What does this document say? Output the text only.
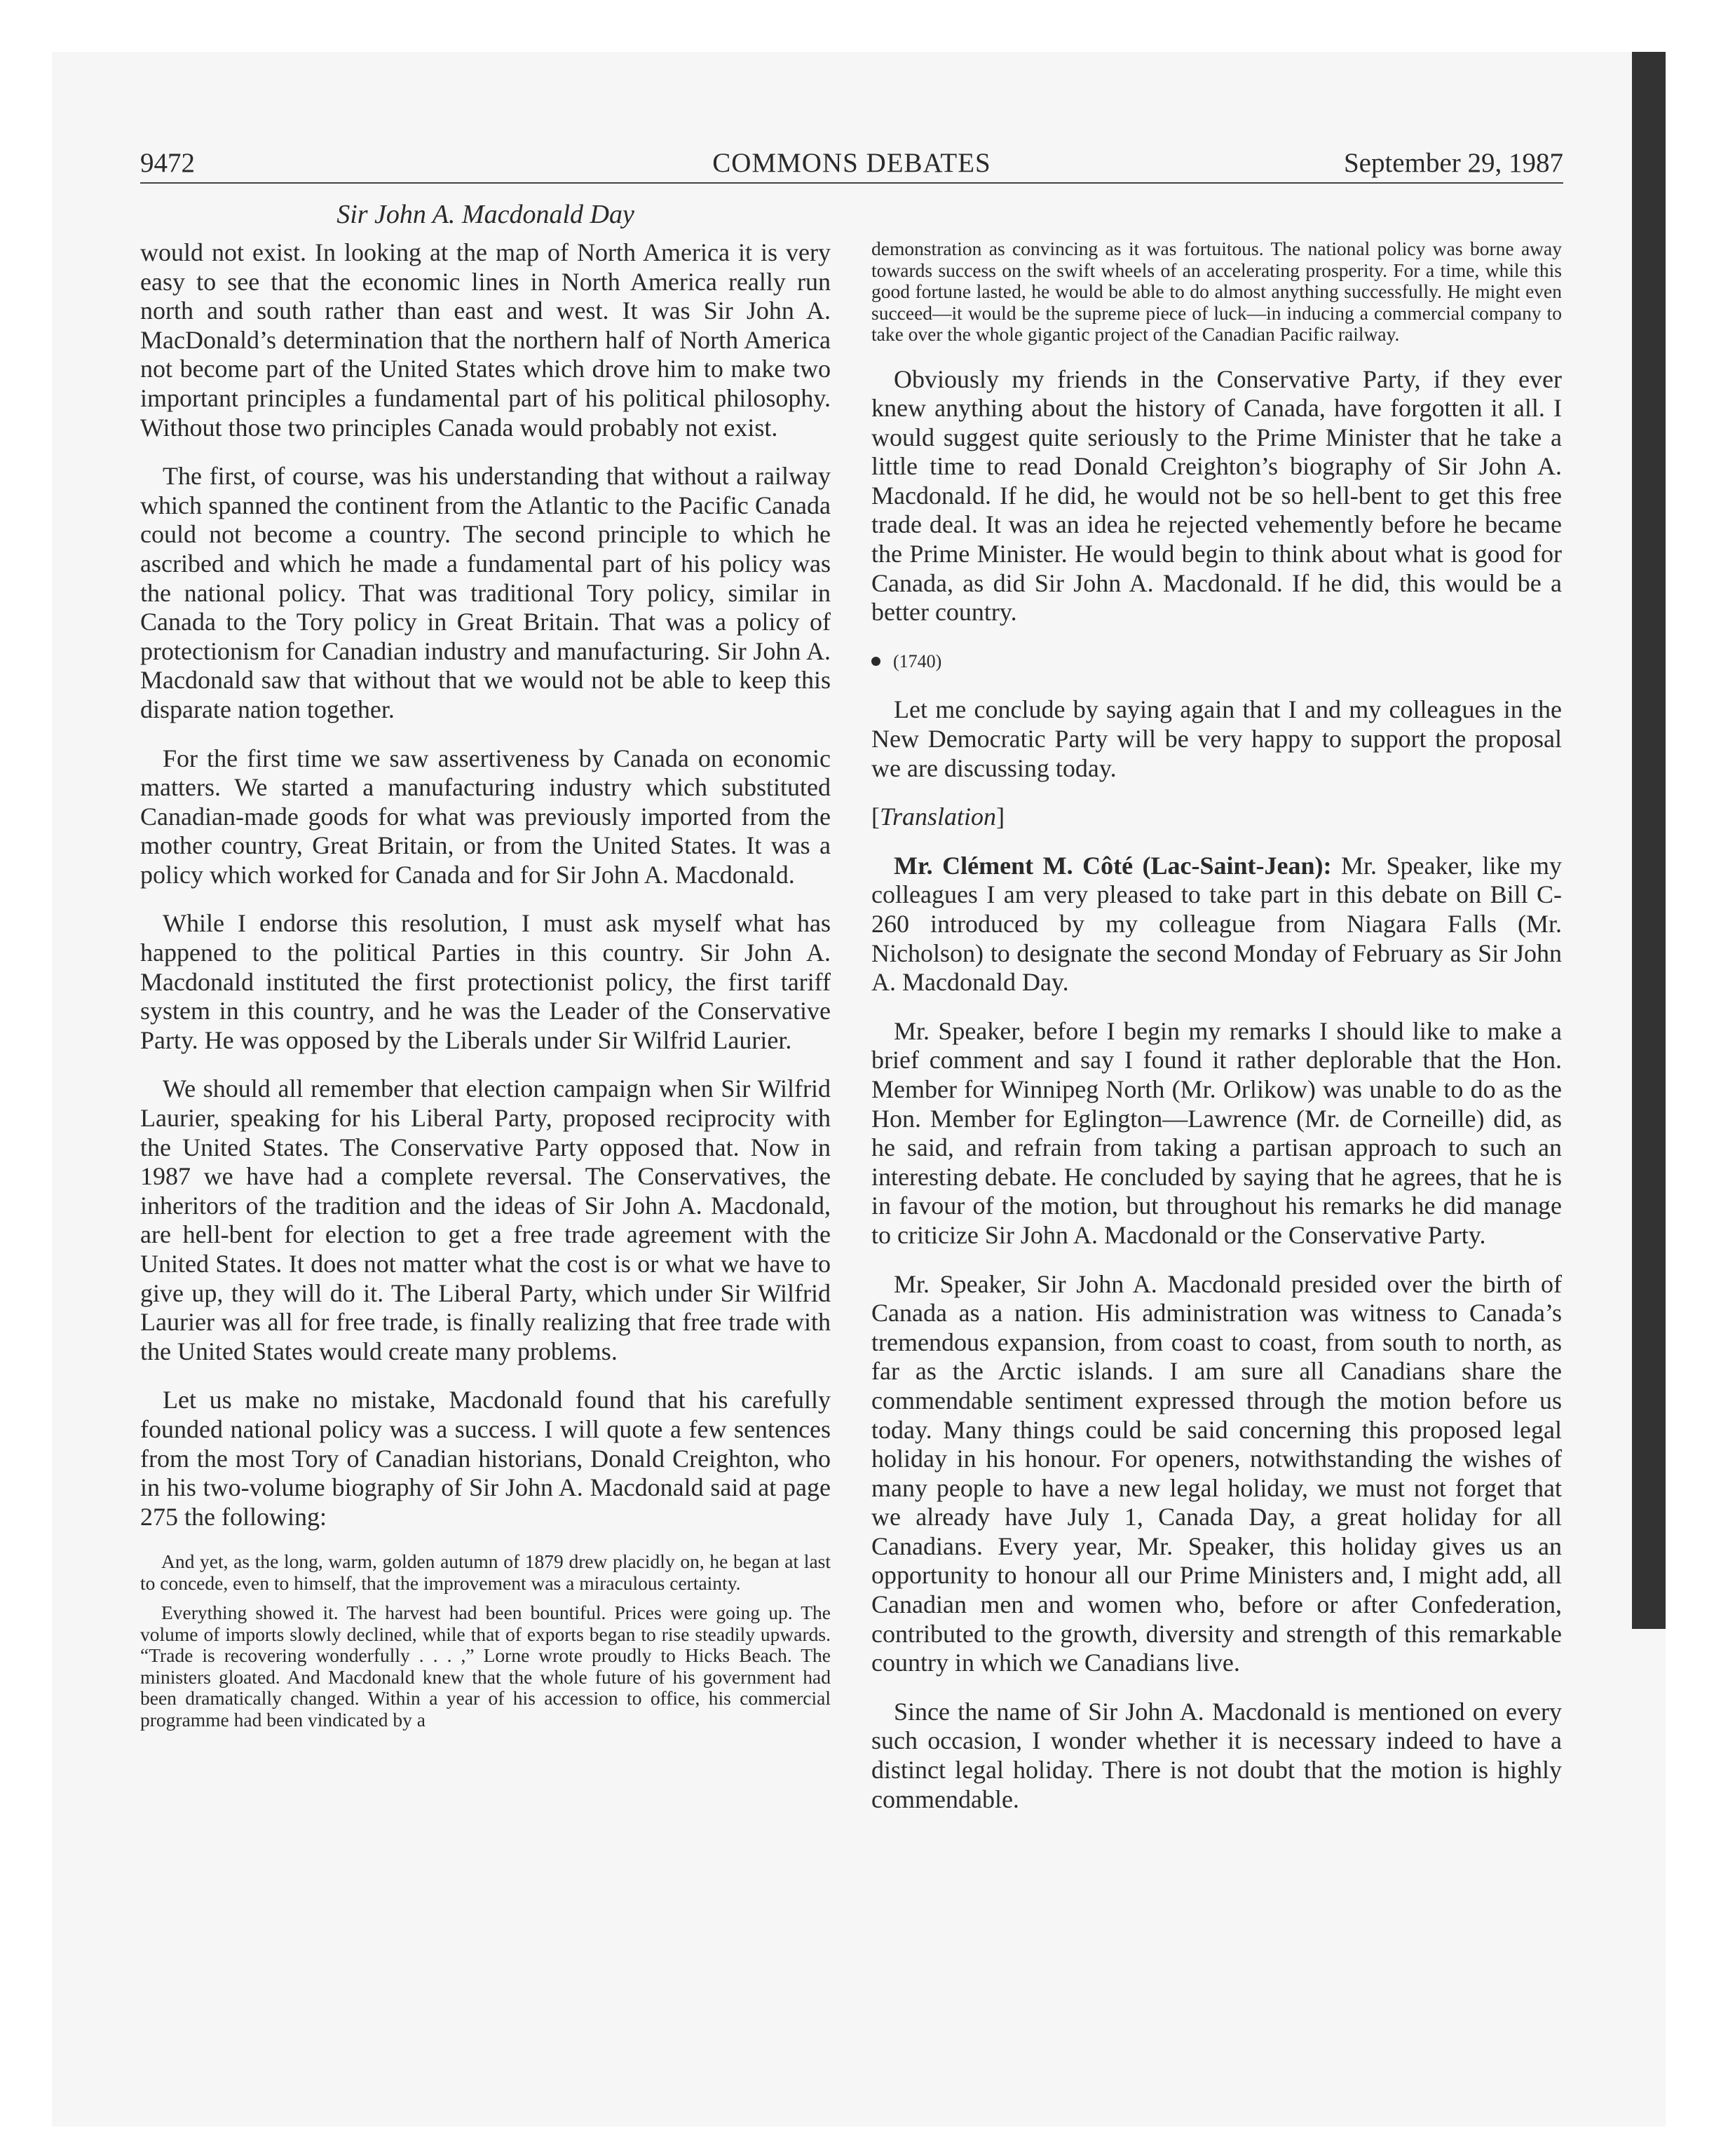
9472	COMMONS DEBATES	September 29, 1987
Sir John A. Macdonald Day

would not exist. In looking at the map of North America it is very easy to see that the economic lines in North America really run north and south rather than east and west. It was Sir John A. MacDonald’s determination that the northern half of North America not become part of the United States which drove him to make two important principles a fundamental part of his political philosophy. Without those two principles Canada would probably not exist.

The first, of course, was his understanding that without a railway which spanned the continent from the Atlantic to the Pacific Canada could not become a country. The second principle to which he ascribed and which he made a fundamental part of his policy was the national policy. That was traditional Tory policy, similar in Canada to the Tory policy in Great Britain. That was a policy of protectionism for Canadian industry and manufacturing. Sir John A. Macdonald saw that without that we would not be able to keep this disparate nation together.

For the first time we saw assertiveness by Canada on economic matters. We started a manufacturing industry which substituted Canadian-made goods for what was previously imported from the mother country, Great Britain, or from the United States. It was a policy which worked for Canada and for Sir John A. Macdonald.

While I endorse this resolution, I must ask myself what has happened to the political Parties in this country. Sir John A. Macdonald instituted the first protectionist policy, the first tariff system in this country, and he was the Leader of the Conservative Party. He was opposed by the Liberals under Sir Wilfrid Laurier.

We should all remember that election campaign when Sir Wilfrid Laurier, speaking for his Liberal Party, proposed reciprocity with the United States. The Conservative Party opposed that. Now in 1987 we have had a complete reversal. The Conservatives, the inheritors of the tradition and the ideas of Sir John A. Macdonald, are hell-bent for election to get a free trade agreement with the United States. It does not matter what the cost is or what we have to give up, they will do it. The Liberal Party, which under Sir Wilfrid Laurier was all for free trade, is finally realizing that free trade with the United States would create many problems.

Let us make no mistake, Macdonald found that his carefully founded national policy was a success. I will quote a few sentences from the most Tory of Canadian historians, Donald Creighton, who in his two-volume biography of Sir John A. Macdonald said at page 275 the following:

And yet, as the long, warm, golden autumn of 1879 drew placidly on, he began at last to concede, even to himself, that the improvement was a miraculous certainty.
Everything showed it. The harvest had been bountiful. Prices were going up. The volume of imports slowly declined, while that of exports began to rise steadily upwards. “Trade is recovering wonderfully . . . ,” Lorne wrote proudly to Hicks Beach. The ministers gloated. And Macdonald knew that the whole future of his government had been dramatically changed. Within a year of his accession to office, his commercial programme had been vindicated by a
demonstration as convincing as it was fortuitous. The national policy was borne away towards success on the swift wheels of an accelerating prosperity. For a time, while this good fortune lasted, he would be able to do almost anything successfully. He might even succeed—it would be the supreme piece of luck—in inducing a commercial company to take over the whole gigantic project of the Canadian Pacific railway.

Obviously my friends in the Conservative Party, if they ever knew anything about the history of Canada, have forgotten it all. I would suggest quite seriously to the Prime Minister that he take a little time to read Donald Creighton’s biography of Sir John A. Macdonald. If he did, he would not be so hell-bent to get this free trade deal. It was an idea he rejected vehemently before he became the Prime Minister. He would begin to think about what is good for Canada, as did Sir John A. Macdonald. If he did, this would be a better country.

(1740)

Let me conclude by saying again that I and my colleagues in the New Democratic Party will be very happy to support the proposal we are discussing today.

[Translation]

Mr. Clément M. Côté (Lac-Saint-Jean): Mr. Speaker, like my colleagues I am very pleased to take part in this debate on Bill C-260 introduced by my colleague from Niagara Falls (Mr. Nicholson) to designate the second Monday of February as Sir John A. Macdonald Day.

Mr. Speaker, before I begin my remarks I should like to make a brief comment and say I found it rather deplorable that the Hon. Member for Winnipeg North (Mr. Orlikow) was unable to do as the Hon. Member for Eglington—Lawrence (Mr. de Corneille) did, as he said, and refrain from taking a partisan approach to such an interesting debate. He concluded by saying that he agrees, that he is in favour of the motion, but throughout his remarks he did manage to criticize Sir John A. Macdonald or the Conservative Party.

Mr. Speaker, Sir John A. Macdonald presided over the birth of Canada as a nation. His administration was witness to Canada’s tremendous expansion, from coast to coast, from south to north, as far as the Arctic islands. I am sure all Canadians share the commendable sentiment expressed through the motion before us today. Many things could be said concerning this proposed legal holiday in his honour. For openers, notwithstanding the wishes of many people to have a new legal holiday, we must not forget that we already have July 1, Canada Day, a great holiday for all Canadians. Every year, Mr. Speaker, this holiday gives us an opportunity to honour all our Prime Ministers and, I might add, all Canadian men and women who, before or after Confederation, contributed to the growth, diversity and strength of this remarkable country in which we Canadians live.

Since the name of Sir John A. Macdonald is mentioned on every such occasion, I wonder whether it is necessary indeed to have a distinct legal holiday. There is not doubt that the motion is highly commendable.
